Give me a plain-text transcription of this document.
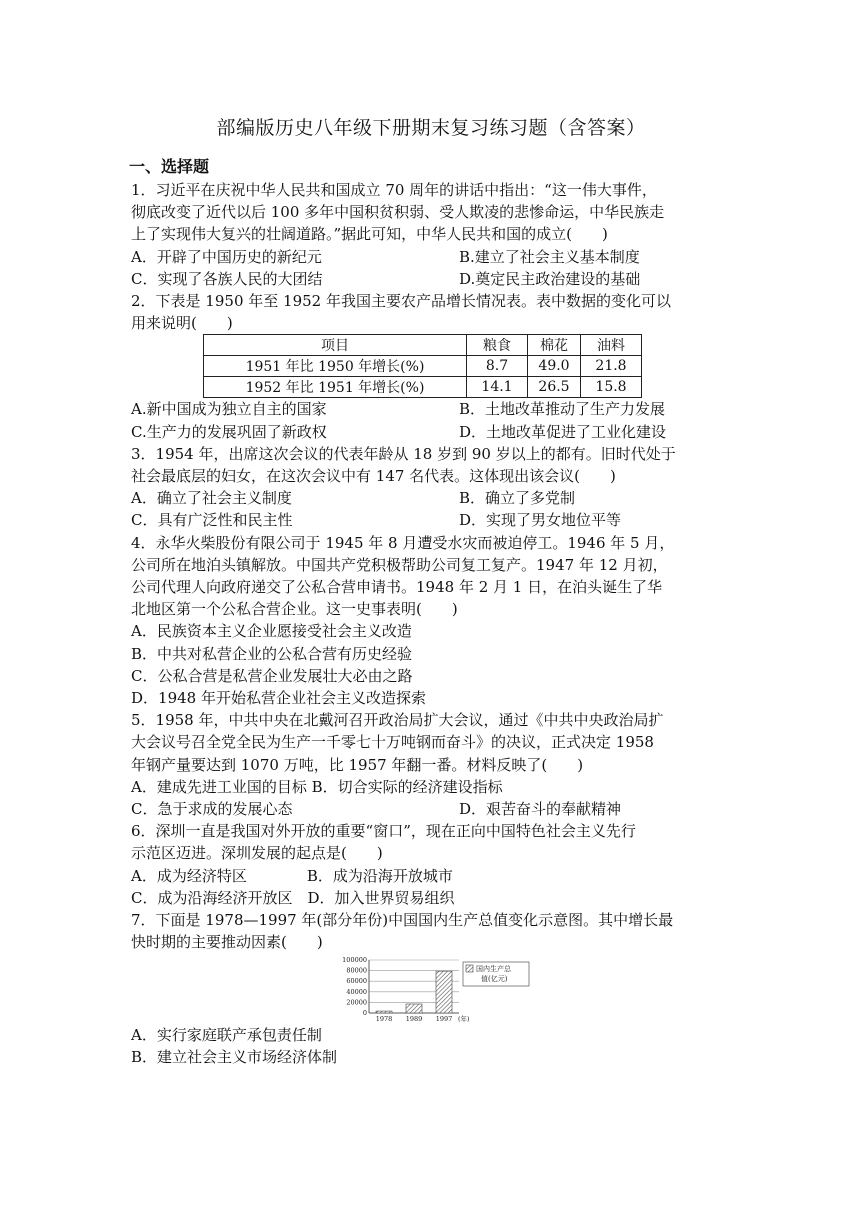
部编版历史八年级下册期末复习练习题（含答案）
一、选择题
1．习近平在庆祝中华人民共和国成立 70 周年的讲话中指出：“这一伟大事件，
彻底改变了近代以后 100 多年中国积贫积弱、受人欺凌的悲惨命运，中华民族走
上了实现伟大复兴的壮阔道路。”据此可知，中华人民共和国的成立(　　)
A．开辟了中国历史的新纪元	B.建立了社会主义基本制度
C．实现了各族人民的大团结	D.奠定民主政治建设的基础
2．下表是 1950 年至 1952 年我国主要农产品增长情况表。表中数据的变化可以
用来说明(　　)
项目	粮食	棉花	油料
1951 年比 1950 年增长(%)	8.7	49.0	21.8
1952 年比 1951 年增长(%)	14.1	26.5	15.8
A.新中国成为独立自主的国家	B．土地改革推动了生产力发展
C.生产力的发展巩固了新政权	D．土地改革促进了工业化建设
3．1954 年，出席这次会议的代表年龄从 18 岁到 90 岁以上的都有。旧时代处于
社会最底层的妇女，在这次会议中有 147 名代表。这体现出该会议(　　)
A．确立了社会主义制度	B．确立了多党制
C．具有广泛性和民主性	D．实现了男女地位平等
4．永华火柴股份有限公司于 1945 年 8 月遭受水灾而被迫停工。1946 年 5 月，
公司所在地泊头镇解放。中国共产党积极帮助公司复工复产。1947 年 12 月初，
公司代理人向政府递交了公私合营申请书。1948 年 2 月 1 日，在泊头诞生了华
北地区第一个公私合营企业。这一史事表明(　　)
A．民族资本主义企业愿接受社会主义改造
B．中共对私营企业的公私合营有历史经验
C．公私合营是私营企业发展壮大必由之路
D．1948 年开始私营企业社会主义改造探索
5．1958 年，中共中央在北戴河召开政治局扩大会议，通过《中共中央政治局扩
大会议号召全党全民为生产一千零七十万吨钢而奋斗》的决议，正式决定 1958
年钢产量要达到 1070 万吨，比 1957 年翻一番。材料反映了(　　)
A．建成先进工业国的目标 B．切合实际的经济建设指标
C．急于求成的发展心态	D．艰苦奋斗的奉献精神
6．深圳一直是我国对外开放的重要“窗口”，现在正向中国特色社会主义先行
示范区迈进。深圳发展的起点是(　　)
A．成为经济特区　　　　B．成为沿海开放城市
C．成为沿海经济开放区　D．加入世界贸易组织
7．下面是 1978—1997 年(部分年份)中国国内生产总值变化示意图。其中增长最
快时期的主要推动因素(　　)
100000
80000
60000
40000
20000
0
1978 1989 1997 (年)
国内生产总
值(亿元)
A．实行家庭联产承包责任制
B．建立社会主义市场经济体制
